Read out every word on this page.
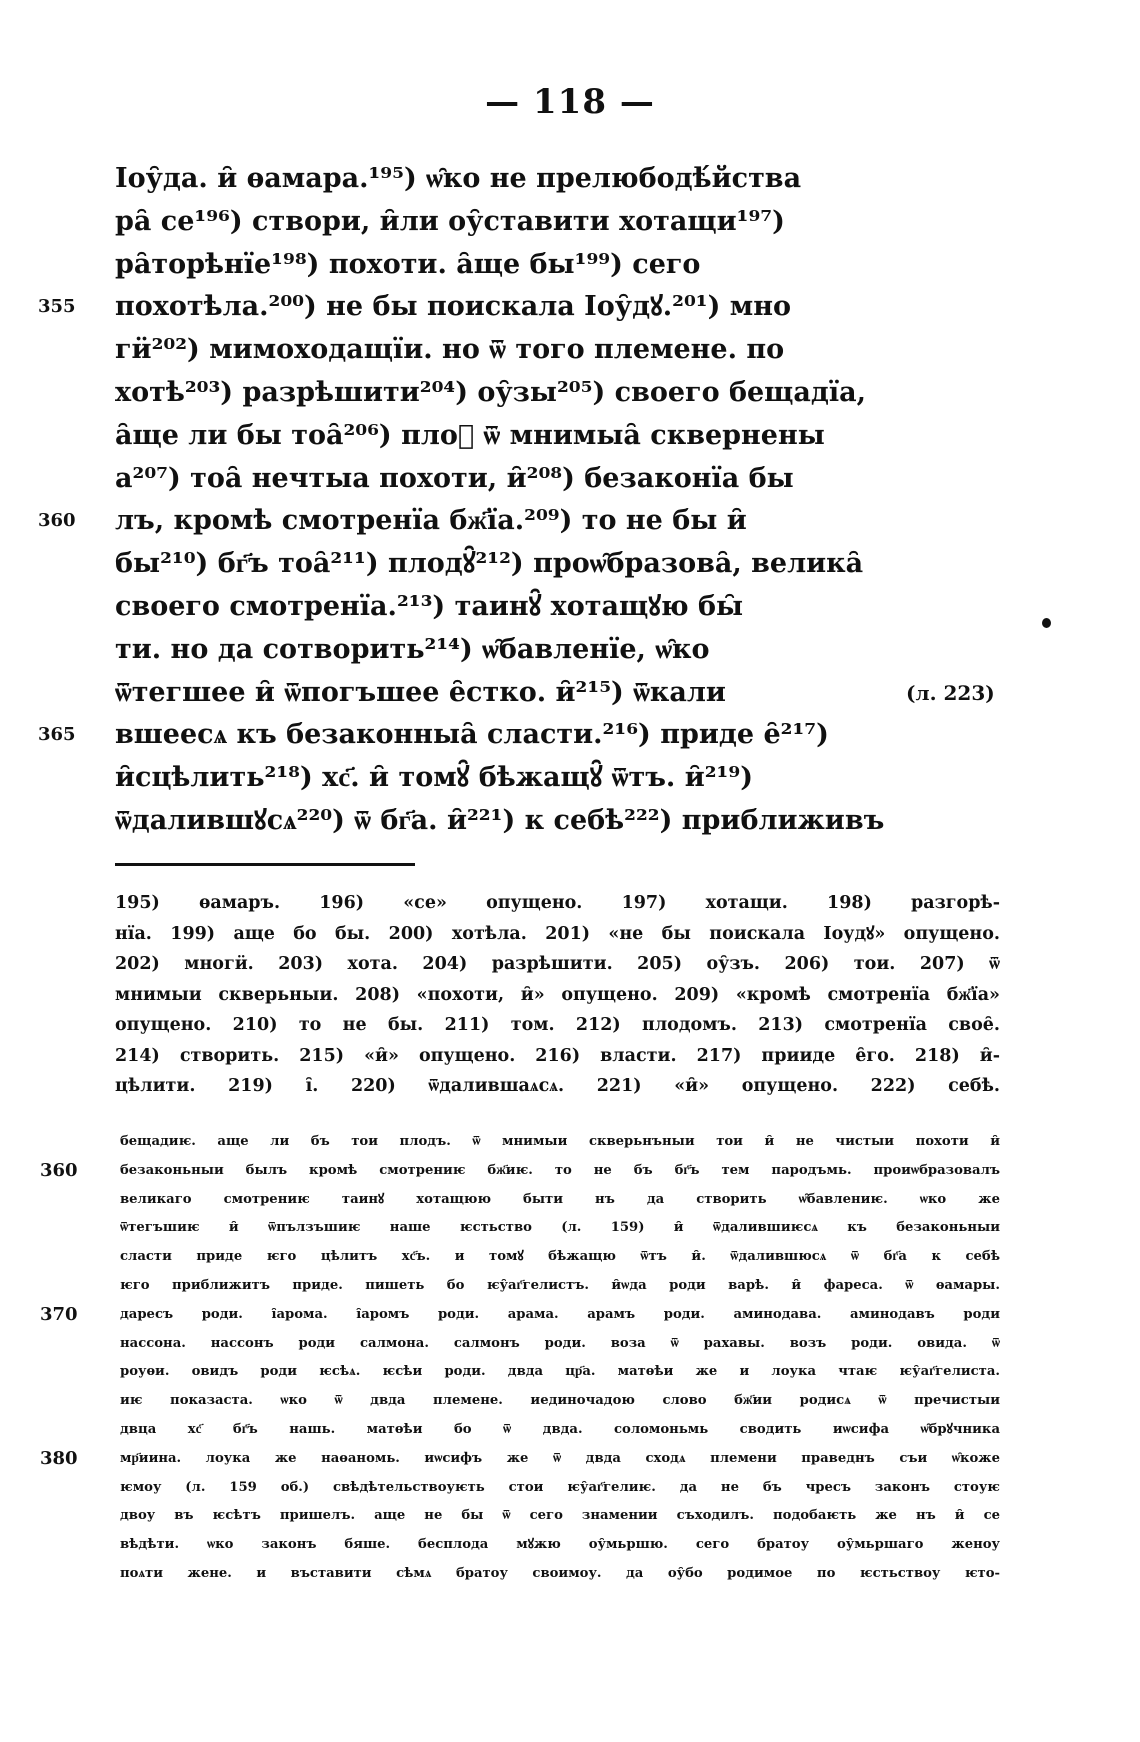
— 118 —
Ioу̑да. и̑ ѳамара.¹⁹⁵) ѡ̑ко не прелюбодѣ́йства
ра̑ се¹⁹⁶) створи, и̑ли оу̑ставити хотащи¹⁹⁷)
ра̑торѣнїе¹⁹⁸) похоти. а̑ще бы¹⁹⁹) сего
355	похотѣла.²⁰⁰) не бы поискала Ioу̑дꙋ.²⁰¹) мно
гӥ²⁰²) мимоходащїи. но ѿ того племене. по
хотѣ²⁰³) разрѣшити²⁰⁴) оу̑зы²⁰⁵) своего бещадїа,
а̑ще ли бы тоа̑²⁰⁶) плоⷣ ѿ мнимыа̑ сквернены
а²⁰⁷) тоа̑ нечтыа похоти, и̑²⁰⁸) безаконїа бы
360	лъ, кромѣ смотренїа бж҃їа.²⁰⁹) то не бы и̑
бы²¹⁰) бг҃ъ тоа̑²¹¹) плодꙋ̑²¹²) проѡ̑бразова̑, велика̑
своего смотренїа.²¹³) таинꙋ̑ хотащꙋю бы̑
ти. но да сотворить²¹⁴) ѡ̑бавленїе, ѡ̑ко
ѿтегшее и̑ ѿпогъшее е̑стко. и̑²¹⁵) ѿкали	(л. 223)
365	вшеесѧ къ безаконныа̑ сласти.²¹⁶) приде е̑²¹⁷)
и̑сцѣлить²¹⁸) хс҃. и̑ томꙋ̑ бѣжащꙋ̑ ѿтъ. и̑²¹⁹)
ѿдалившꙋсѧ²²⁰) ѿ бг҃а. и̑²²¹) к себѣ²²²) приближивъ
195) ѳамаръ. 196) «се» опущено. 197) хотащи. 198) разгорѣ-
нїа. 199) аще бо бы. 200) хотѣла. 201) «не бы поискала Iоудꙋ» опущено.
202) многӥ. 203) хота. 204) разрѣшити. 205) оу̑зъ. 206) тои. 207) ѿ
мнимыи скверьныи. 208) «похоти, и̑» опущено. 209) «кромѣ смотренїа бж҃їа»
опущено. 210) то не бы. 211) том. 212) плодомъ. 213) смотренїа свое̑.
214) створить. 215) «и̑» опущено. 216) власти. 217) прииде е̑го. 218) и̑-
цѣлити. 219) і̑. 220) ѿдалившаѧсѧ. 221) «и̑» опущено. 222) себѣ.
бещадиѥ. аще ли бъ тои плодъ. ѿ мнимыи скверьнъныи тои и̑ не чистыи похоти и̑
360	безаконьныи былъ кромѣ смотрениѥ бж҃иѥ. то не бъ бг҃ъ тем пародъмь. проиѡбразовалъ
великаго смотрениѥ таинꙋ хотащюю быти нъ да створить ѡ̑бавлениѥ. ѡко же
ѿтегъшиѥ и̑ ѿпълзъшиѥ наше ѥстьство (л. 159) и̑ ѿдалившиѥсѧ къ безаконьныи
сласти приде ѥго цѣлитъ хс҃ъ. и томꙋ бѣжащю ѿтъ и̑. ѿдалившюсѧ ѿ бг҃а к себѣ
ѥго приближитъ приде. пишеть бо ѥу̑аг҃гелистъ. и̑ѡда роди варѣ. и̑ фареса. ѿ ѳамары.
370	даресъ роди. і̑арома. і̑аромъ роди. арама. арамъ роди. аминодава. аминодавъ роди
нассона. нассонъ роди салмона. салмонъ роди. воза ѿ рахавы. возъ роди. овида. ѿ
роуѳи. овидъ роди ѥсѣѧ. ѥсѣи роди. двда цр҃а. матѳѣи же и лоука чтаѥ ѥу̑аг҃гелиста.
иѥ показаста. ѡко ѿ двда племене. иединочадою слово бж҃ии родисѧ ѿ пречистыи
двца хс҃ бг҃ъ нашь. матѳѣи бо ѿ двда. соломоньмь сводить иѡсифа ѡ̑брꙋчника
380	мр҃иина. лоука же наѳаномь. иѡсифъ же ѿ двда сходѧ племени праведнъ съи ѡ̑коже
ѥмоу (л. 159 об.) свѣдѣтельствоуѥть стои ѥу̑аг҃гелиѥ. да не бъ чресъ законъ стоуѥ
двоу въ ѥсѣтъ пришелъ. аще не бы ѿ сего знамении съходилъ. подобаѥть же нъ и̑ се
вѣдѣти. ѡко законъ бяше. бесплода мꙋжю оу̑мьршю. сего братоу оу̑мьршаго женоу
поѧти жене. и въставити сѣмѧ братоу своимоу. да оу̑бо родимое по ѥстьствоу ѥто-
